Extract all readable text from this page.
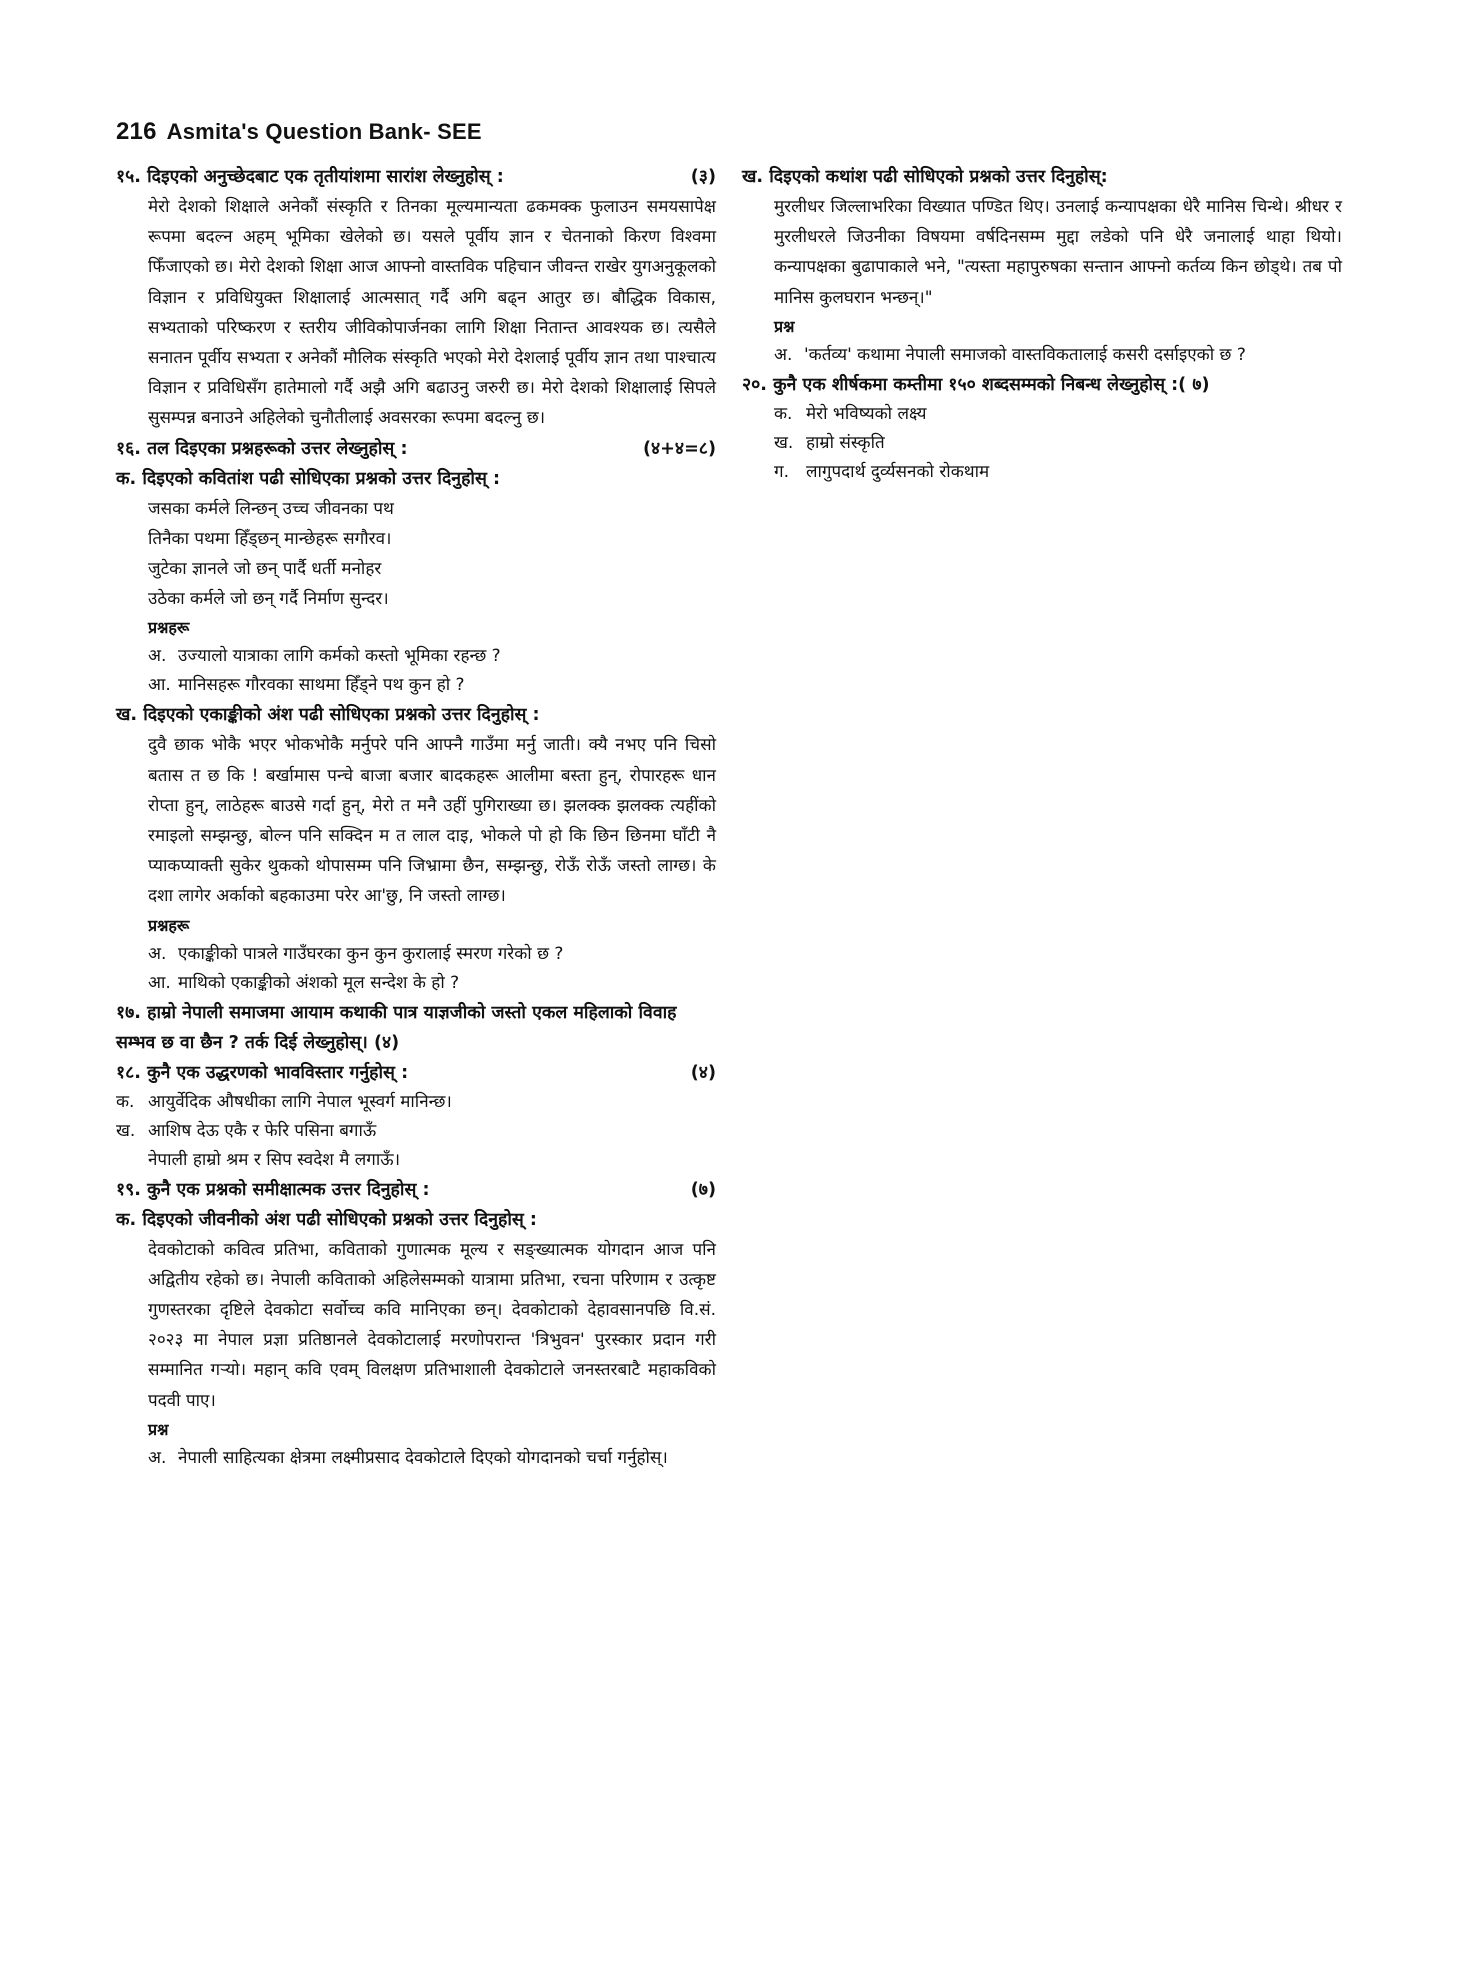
216 Asmita's Question Bank- SEE
१५. दिइएको अनुच्छेदबाट एक तृतीयांशमा सारांश लेख्नुहोस् :	(३)
मेरो देशको शिक्षाले अनेकौं संस्कृति र तिनका मूल्यमान्यता ढकमक्क फुलाउन समयसापेक्ष रूपमा बदल्न अहम् भूमिका खेलेको छ। यसले पूर्वीय ज्ञान र चेतनाको किरण विश्वमा फिँजाएको छ। मेरो देशको शिक्षा आज आफ्नो वास्तविक पहिचान जीवन्त राखेर युगअनुकूलको विज्ञान र प्रविधियुक्त शिक्षालाई आत्मसात् गर्दै अगि बढ्न आतुर छ। बौद्धिक विकास, सभ्यताको परिष्करण र स्तरीय जीविकोपार्जनका लागि शिक्षा नितान्त आवश्यक छ। त्यसैले सनातन पूर्वीय सभ्यता र अनेकौं मौलिक संस्कृति भएको मेरो देशलाई पूर्वीय ज्ञान तथा पाश्चात्य विज्ञान र प्रविधिसँग हातेमालो गर्दै अझै अगि बढाउनु जरुरी छ। मेरो देशको शिक्षालाई सिपले सुसम्पन्न बनाउने अहिलेको चुनौतीलाई अवसरका रूपमा बदल्नु छ।
१६. तल दिइएका प्रश्नहरूको उत्तर लेख्नुहोस् :	(४+४=८)
क. दिइएको कवितांश पढी सोधिएका प्रश्नको उत्तर दिनुहोस् :
जसका कर्मले लिन्छन् उच्च जीवनका पथ
तिनैका पथमा हिँड्छन् मान्छेहरू सगौरव।
जुटेका ज्ञानले जो छन् पार्दै धर्ती मनोहर
उठेका कर्मले जो छन् गर्दै निर्माण सुन्दर।
प्रश्नहरू
अ. उज्यालो यात्राका लागि कर्मको कस्तो भूमिका रहन्छ ?
आ. मानिसहरू गौरवका साथमा हिँड्ने पथ कुन हो ?
ख. दिइएको एकाङ्कीको अंश पढी सोधिएका प्रश्नको उत्तर दिनुहोस् :
दुवै छाक भोकै भएर भोकभोकै मर्नुपरे पनि आफ्नै गाउँमा मर्नु जाती। क्यै नभए पनि चिसो बतास त छ कि ! बर्खामास पन्चे बाजा बजार बादकहरू आलीमा बस्ता हुन्, रोपारहरू धान रोप्ता हुन्, लाठेहरू बाउसे गर्दा हुन्, मेरो त मनै उहीं पुगिराख्या छ। झलक्क झलक्क त्यहींको रमाइलो सम्झन्छु, बोल्न पनि सक्दिन म त लाल दाइ, भोकले पो हो कि छिन छिनमा घाँटी नै प्याकप्याक्ती सुकेर थुकको थोपासम्म पनि जिभ्रामा छैन, सम्झन्छु, रोऊँ रोऊँ जस्तो लाग्छ। के दशा लागेर अर्काको बहकाउमा परेर आ'छु, नि जस्तो लाग्छ।
प्रश्नहरू
अ. एकाङ्कीको पात्रले गाउँघरका कुन कुन कुरालाई स्मरण गरेको छ ?
आ. माथिको एकाङ्कीको अंशको मूल सन्देश के हो ?
१७. हाम्रो नेपाली समाजमा आयाम कथाकी पात्र याज्ञजीको जस्तो एकल महिलाको विवाह सम्भव छ वा छैन ? तर्क दिई लेख्नुहोस्। (४)
१८. कुनै एक उद्धरणको भावविस्तार गर्नुहोस् :	(४)
क. आयुर्वेदिक औषधीका लागि नेपाल भूस्वर्ग मानिन्छ।
ख. आशिष देऊ एकै र फेरि पसिना बगाऊँ
नेपाली हाम्रो श्रम र सिप स्वदेश मै लगाऊँ।
१९. कुनै एक प्रश्नको समीक्षात्मक उत्तर दिनुहोस् :	(७)
क. दिइएको जीवनीको अंश पढी सोधिएको प्रश्नको उत्तर दिनुहोस् :
देवकोटाको कवित्व प्रतिभा, कविताको गुणात्मक मूल्य र सङ्ख्यात्मक योगदान आज पनि अद्वितीय रहेको छ। नेपाली कविताको अहिलेसम्मको यात्रामा प्रतिभा, रचना परिणाम र उत्कृष्ट गुणस्तरका दृष्टिले देवकोटा सर्वोच्च कवि मानिएका छन्। देवकोटाको देहावसानपछि वि.सं. २०२३ मा नेपाल प्रज्ञा प्रतिष्ठानले देवकोटालाई मरणोपरान्त 'त्रिभुवन' पुरस्कार प्रदान गरी सम्मानित गऱ्यो। महान् कवि एवम् विलक्षण प्रतिभाशाली देवकोटाले जनस्तरबाटै महाकविको पदवी पाए।
प्रश्न
अ. नेपाली साहित्यका क्षेत्रमा लक्ष्मीप्रसाद देवकोटाले दिएको योगदानको चर्चा गर्नुहोस्।
ख. दिइएको कथांश पढी सोधिएको प्रश्नको उत्तर दिनुहोस्:
मुरलीधर जिल्लाभरिका विख्यात पण्डित थिए। उनलाई कन्यापक्षका धेरै मानिस चिन्थे। श्रीधर र मुरलीधरले जिउनीका विषयमा वर्षदिनसम्म मुद्दा लडेको पनि धेरै जनालाई थाहा थियो। कन्यापक्षका बुढापाकाले भने, "त्यस्ता महापुरुषका सन्तान आफ्नो कर्तव्य किन छोड्थे। तब पो मानिस कुलघरान भन्छन्।"
प्रश्न
अ. 'कर्तव्य' कथामा नेपाली समाजको वास्तविकतालाई कसरी दर्साइएको छ ?
२०. कुनै एक शीर्षकमा कम्तीमा १५० शब्दसम्मको निबन्ध लेख्नुहोस् :( ७)
क. मेरो भविष्यको लक्ष्य
ख. हाम्रो संस्कृति
ग.	लागुपदार्थ दुर्व्यसनको रोकथाम
